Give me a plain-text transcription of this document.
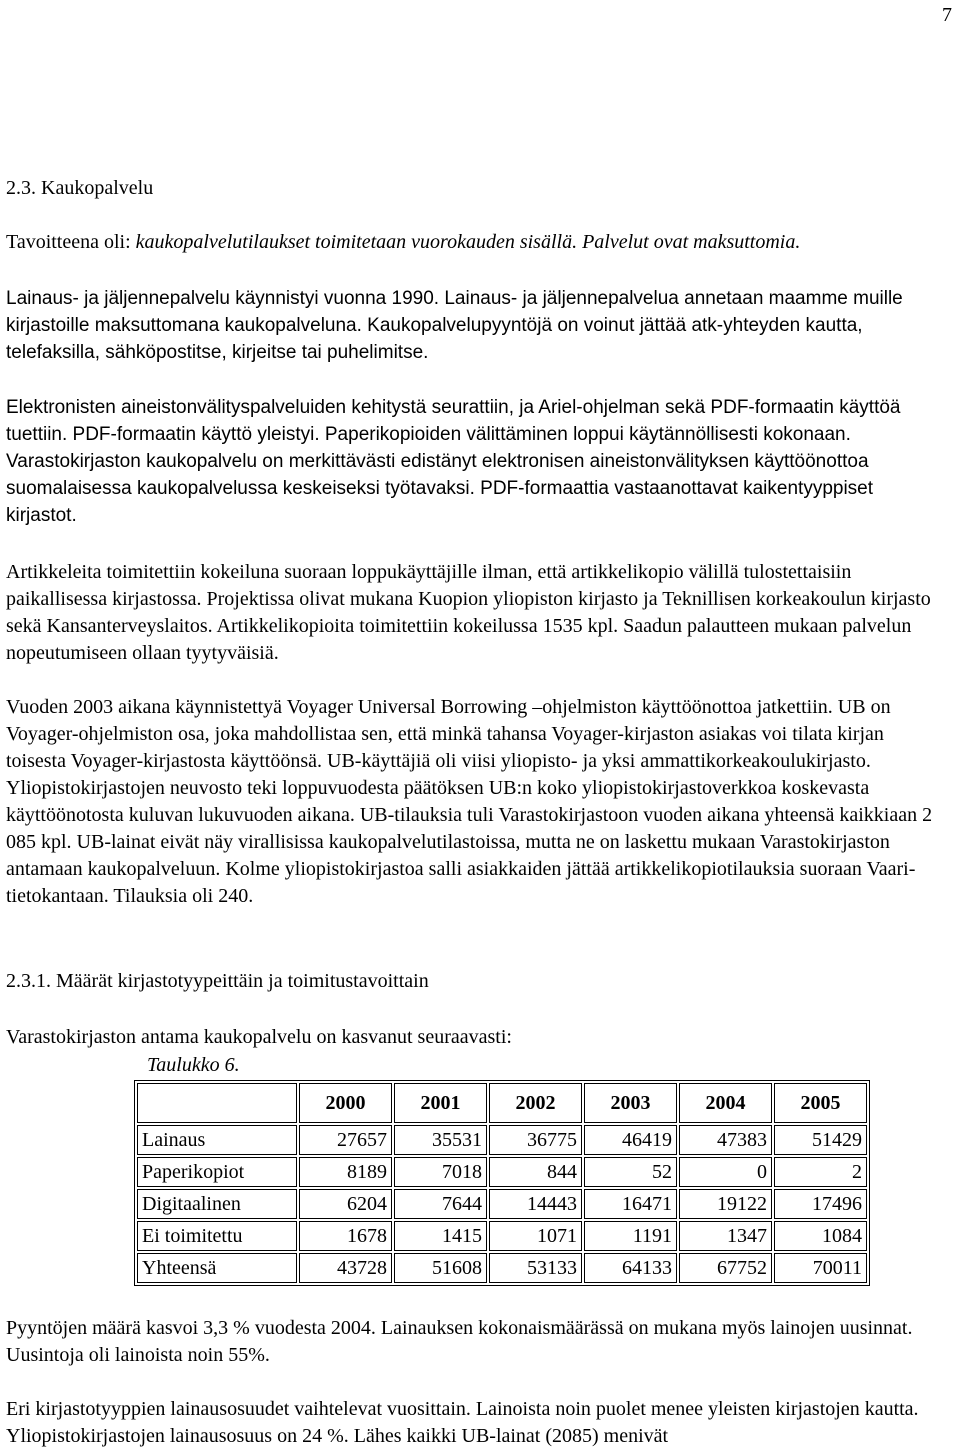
7
2.3. Kaukopalvelu

Tavoitteena oli: kaukopalvelutilaukset toimitetaan vuorokauden sisällä. Palvelut ovat maksuttomia.

Lainaus- ja jäljennepalvelu käynnistyi vuonna 1990. Lainaus- ja jäljennepalvelua annetaan maamme muille kirjastoille maksuttomana kaukopalveluna. Kaukopalvelupyyntöjä on voinut jättää atk-yhteyden kautta, telefaksilla, sähköpostitse, kirjeitse tai puhelimitse.

Elektronisten aineistonvälityspalveluiden kehitystä seurattiin, ja Ariel-ohjelman sekä PDF-formaatin käyttöä tuettiin. PDF-formaatin käyttö yleistyi. Paperikopioiden välittäminen loppui käytännöllisesti kokonaan. Varastokirjaston kaukopalvelu on merkittävästi edistänyt elektronisen aineistonvälityksen käyttöönottoa suomalaisessa kaukopalvelussa keskeiseksi työtavaksi. PDF-formaattia vastaanottavat kaikentyyppiset kirjastot.

Artikkeleita toimitettiin kokeiluna suoraan loppukäyttäjille ilman, että artikkelikopio välillä tulostettaisiin paikallisessa kirjastossa. Projektissa olivat mukana Kuopion yliopiston kirjasto ja Teknillisen korkeakoulun kirjasto sekä Kansanterveyslaitos. Artikkelikopioita toimitettiin kokeilussa 1535 kpl. Saadun palautteen mukaan palvelun nopeutumiseen ollaan tyytyväisiä.

Vuoden 2003 aikana käynnistettyä Voyager Universal Borrowing –ohjelmiston käyttöönottoa jatkettiin. UB on Voyager-ohjelmiston osa, joka mahdollistaa sen, että minkä tahansa Voyager-kirjaston asiakas voi tilata kirjan toisesta Voyager-kirjastosta käyttöönsä. UB-käyttäjiä oli viisi yliopisto- ja yksi ammattikorkeakoulukirjasto. Yliopistokirjastojen neuvosto teki loppuvuodesta päätöksen UB:n koko yliopistokirjastoverkkoa koskevasta käyttöönotosta kuluvan lukuvuoden aikana. UB-tilauksia tuli Varastokirjastoon vuoden aikana yhteensä kaikkiaan 2 085 kpl. UB-lainat eivät näy virallisissa kaukopalvelutilastoissa, mutta ne on laskettu mukaan Varastokirjaston antamaan kaukopalveluun. Kolme yliopistokirjastoa salli asiakkaiden jättää artikkelikopiotilauksia suoraan Vaari-tietokantaan. Tilauksia oli 240.

2.3.1. Määrät kirjastotyypeittäin ja toimitustavoittain

Varastokirjaston antama kaukopalvelu on kasvanut seuraavasti:

Taulukko 6.
	2000	2001	2002	2003	2004	2005
Lainaus	27657	35531	36775	46419	47383	51429
Paperikopiot	8189	7018	844	52	0	2
Digitaalinen	6204	7644	14443	16471	19122	17496
Ei toimitettu	1678	1415	1071	1191	1347	1084
Yhteensä	43728	51608	53133	64133	67752	70011

Pyyntöjen määrä kasvoi 3,3 % vuodesta 2004. Lainauksen kokonaismäärässä on mukana myös lainojen uusinnat. Uusintoja oli lainoista noin 55%.

Eri kirjastotyyppien lainausosuudet vaihtelevat vuosittain. Lainoista noin puolet menee yleisten kirjastojen kautta. Yliopistokirjastojen lainausosuus on 24 %. Lähes kaikki UB-lainat (2085) menivät
